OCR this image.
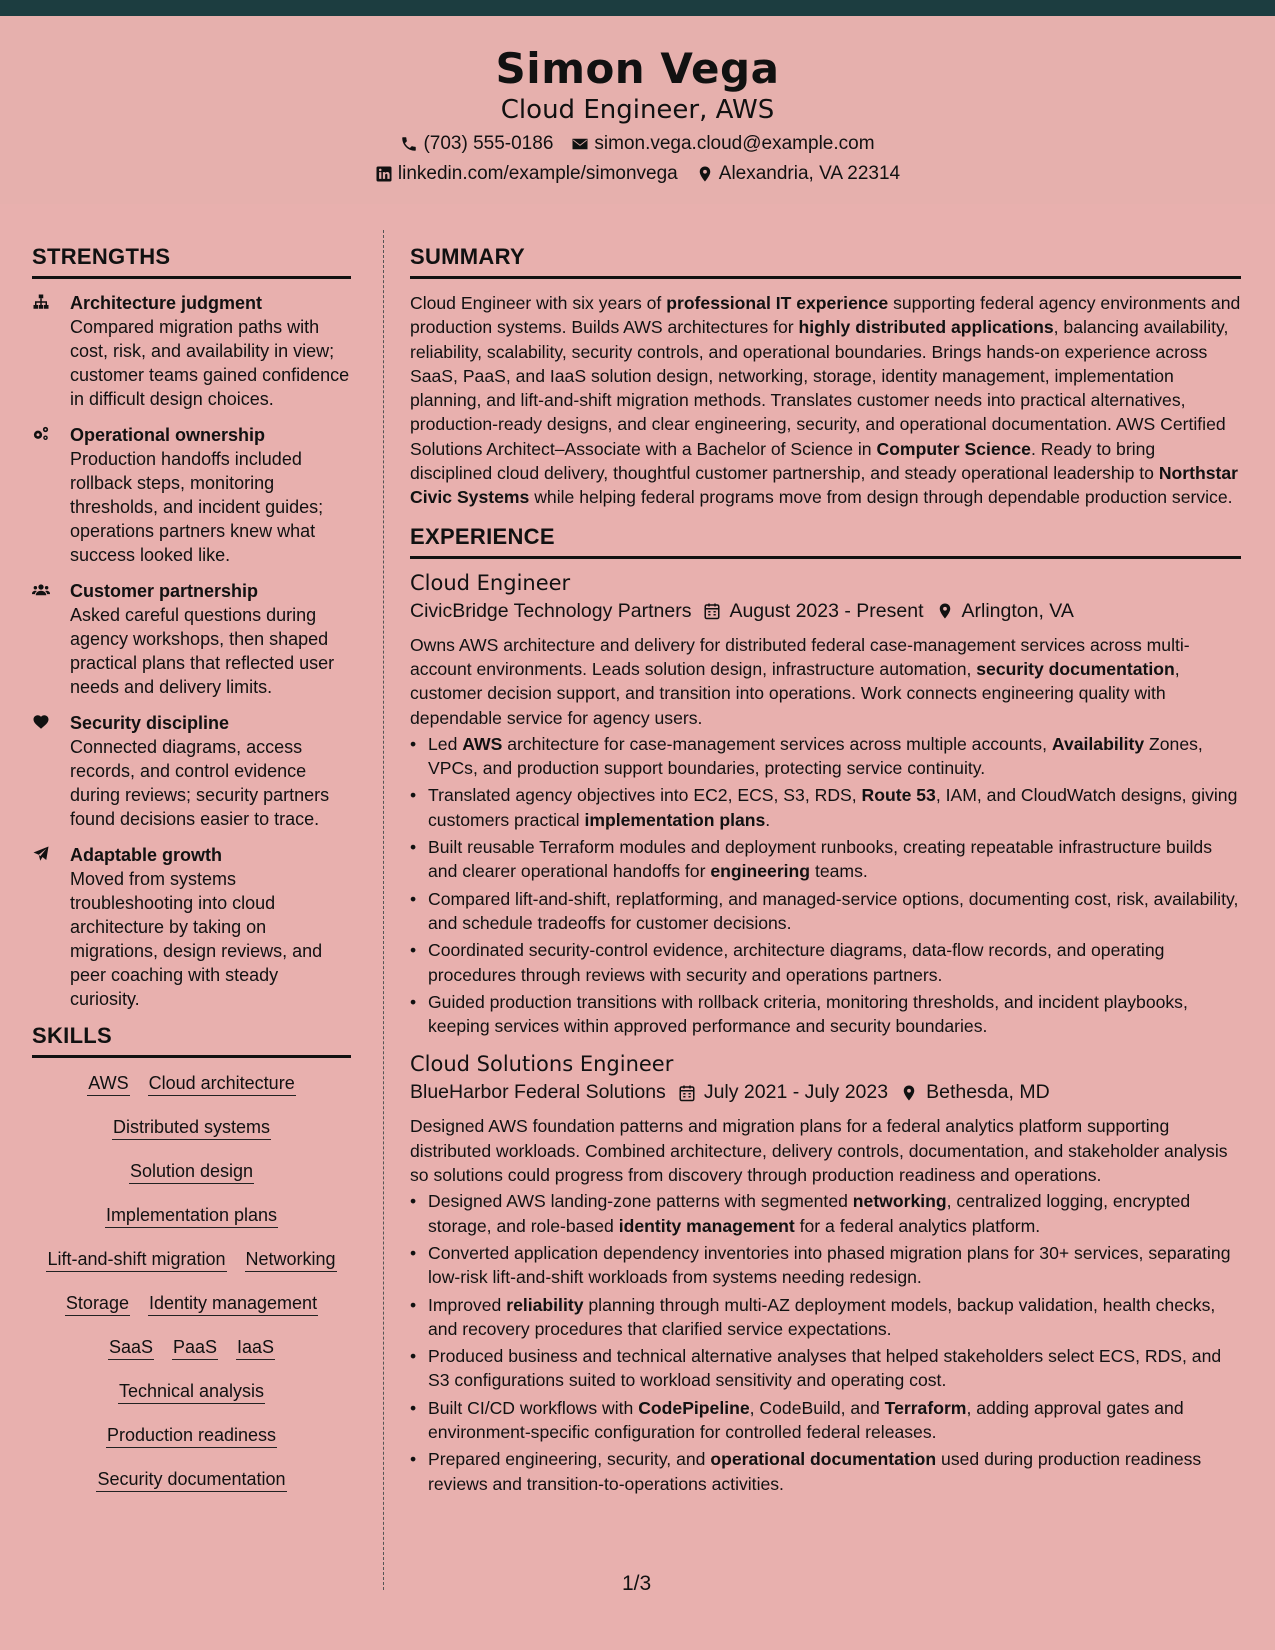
Simon Vega
Cloud Engineer, AWS
(703) 555-0186 simon.vega.cloud@example.com
linkedin.com/example/simonvega Alexandria, VA 22314
STRENGTHS
Architecture judgment
Compared migration paths with cost, risk, and availability in view; customer teams gained confidence in difficult design choices.
Operational ownership
Production handoffs included rollback steps, monitoring thresholds, and incident guides; operations partners knew what success looked like.
Customer partnership
Asked careful questions during agency workshops, then shaped practical plans that reflected user needs and delivery limits.
Security discipline
Connected diagrams, access records, and control evidence during reviews; security partners found decisions easier to trace.
Adaptable growth
Moved from systems troubleshooting into cloud architecture by taking on migrations, design reviews, and peer coaching with steady curiosity.
SKILLS
AWS Cloud architecture
Distributed systems
Solution design
Implementation plans
Lift-and-shift migration Networking
Storage Identity management
SaaS PaaS IaaS
Technical analysis
Production readiness
Security documentation
SUMMARY

Cloud Engineer with six years of professional IT experience supporting federal agency environments and production systems. Builds AWS architectures for highly distributed applications, balancing availability, reliability, scalability, security controls, and operational boundaries. Brings hands-on experience across SaaS, PaaS, and IaaS solution design, networking, storage, identity management, implementation planning, and lift-and-shift migration methods. Translates customer needs into practical alternatives, production-ready designs, and clear engineering, security, and operational documentation. AWS Certified Solutions Architect–Associate with a Bachelor of Science in Computer Science. Ready to bring disciplined cloud delivery, thoughtful customer partnership, and steady operational leadership to Northstar Civic Systems while helping federal programs move from design through dependable production service.

EXPERIENCE
Cloud Engineer
CivicBridge Technology Partners August 2023 - Present Arlington, VA

Owns AWS architecture and delivery for distributed federal case-management services across multi-account environments. Leads solution design, infrastructure automation, security documentation, customer decision support, and transition into operations. Work connects engineering quality with dependable service for agency users.

• Led AWS architecture for case-management services across multiple accounts, Availability Zones, VPCs, and production support boundaries, protecting service continuity.
• Translated agency objectives into EC2, ECS, S3, RDS, Route 53, IAM, and CloudWatch designs, giving customers practical implementation plans.
• Built reusable Terraform modules and deployment runbooks, creating repeatable infrastructure builds and clearer operational handoffs for engineering teams.
• Compared lift-and-shift, replatforming, and managed-service options, documenting cost, risk, availability, and schedule tradeoffs for customer decisions.
• Coordinated security-control evidence, architecture diagrams, data-flow records, and operating procedures through reviews with security and operations partners.
• Guided production transitions with rollback criteria, monitoring thresholds, and incident playbooks, keeping services within approved performance and security boundaries.
Cloud Solutions Engineer
BlueHarbor Federal Solutions July 2021 - July 2023 Bethesda, MD

Designed AWS foundation patterns and migration plans for a federal analytics platform supporting distributed workloads. Combined architecture, delivery controls, documentation, and stakeholder analysis so solutions could progress from discovery through production readiness and operations.

• Designed AWS landing-zone patterns with segmented networking, centralized logging, encrypted storage, and role-based identity management for a federal analytics platform.
• Converted application dependency inventories into phased migration plans for 30+ services, separating low-risk lift-and-shift workloads from systems needing redesign.
• Improved reliability planning through multi-AZ deployment models, backup validation, health checks, and recovery procedures that clarified service expectations.
• Produced business and technical alternative analyses that helped stakeholders select ECS, RDS, and S3 configurations suited to workload sensitivity and operating cost.
• Built CI/CD workflows with CodePipeline, CodeBuild, and Terraform, adding approval gates and environment-specific configuration for controlled federal releases.
• Prepared engineering, security, and operational documentation used during production readiness reviews and transition-to-operations activities.
1/3
